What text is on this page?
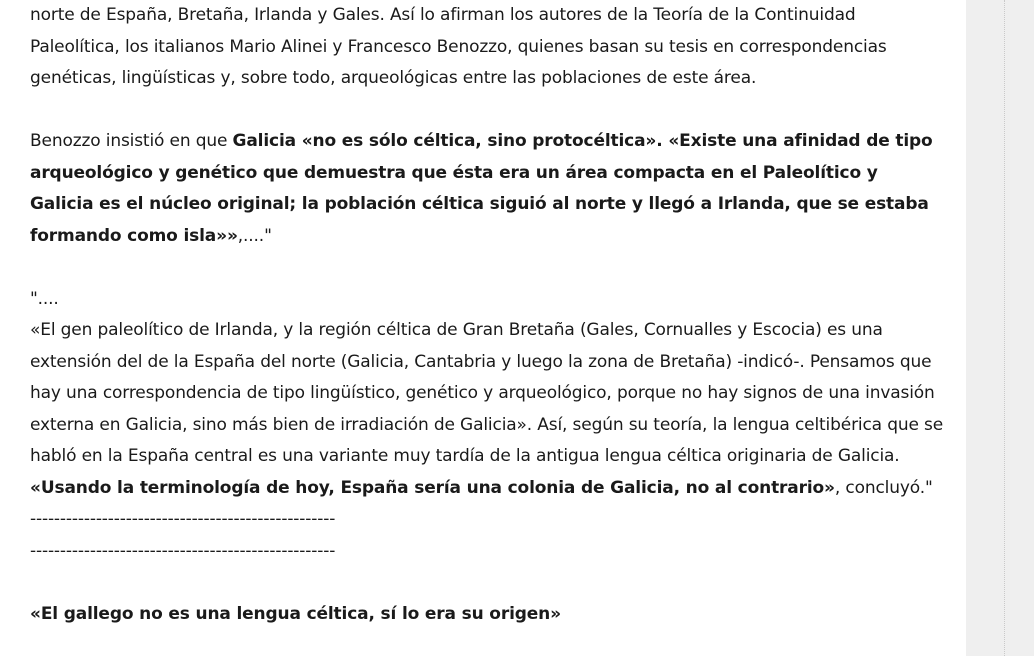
norte de España, Bretaña, Irlanda y Gales. Así lo afirman los autores de la Teoría de la Continuidad Paleolítica, los italianos Mario Alinei y Francesco Benozzo, quienes basan su tesis en correspondencias genéticas, lingüísticas y, sobre todo, arqueológicas entre las poblaciones de este área.

Benozzo insistió en que Galicia «no es sólo céltica, sino protocéltica». «Existe una afinidad de tipo arqueológico y genético que demuestra que ésta era un área compacta en el Paleolítico y Galicia es el núcleo original; la población céltica siguió al norte y llegó a Irlanda, que se estaba formando como isla»»,...."

"....

«El gen paleolítico de Irlanda, y la región céltica de Gran Bretaña (Gales, Cornualles y Escocia) es una extensión del de la España del norte (Galicia, Cantabria y luego la zona de Bretaña) -indicó-. Pensamos que hay una correspondencia de tipo lingüístico, genético y arqueológico, porque no hay signos de una invasión externa en Galicia, sino más bien de irradiación de Galicia». Así, según su teoría, la lengua celtibérica que se habló en la España central es una variante muy tardía de la antigua lengua céltica originaria de Galicia. «Usando la terminología de hoy, España sería una colonia de Galicia, no al contrario», concluyó."

---------------------------------------------------

---------------------------------------------------

«El gallego no es una lengua céltica, sí lo era su origen»
